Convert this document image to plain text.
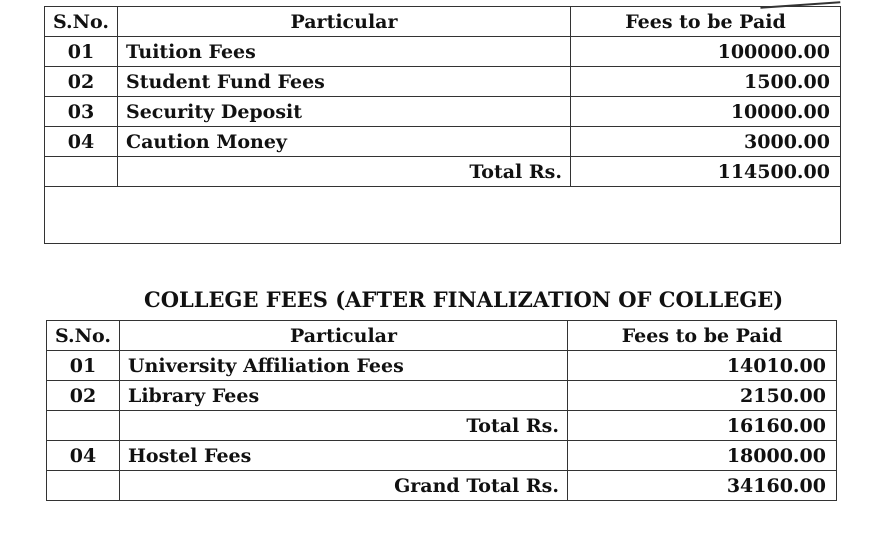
S.No.	Particular	Fees to be Paid
01	Tuition Fees	100000.00
02	Student Fund Fees	1500.00
03	Security Deposit	10000.00
04	Caution Money	3000.00
	Total Rs.	114500.00

COLLEGE FEES (AFTER FINALIZATION OF COLLEGE)
S.No.	Particular	Fees to be Paid
01	University Affiliation Fees	14010.00
02	Library Fees	2150.00
	Total Rs.	16160.00
04	Hostel Fees	18000.00
	Grand Total Rs.	34160.00
